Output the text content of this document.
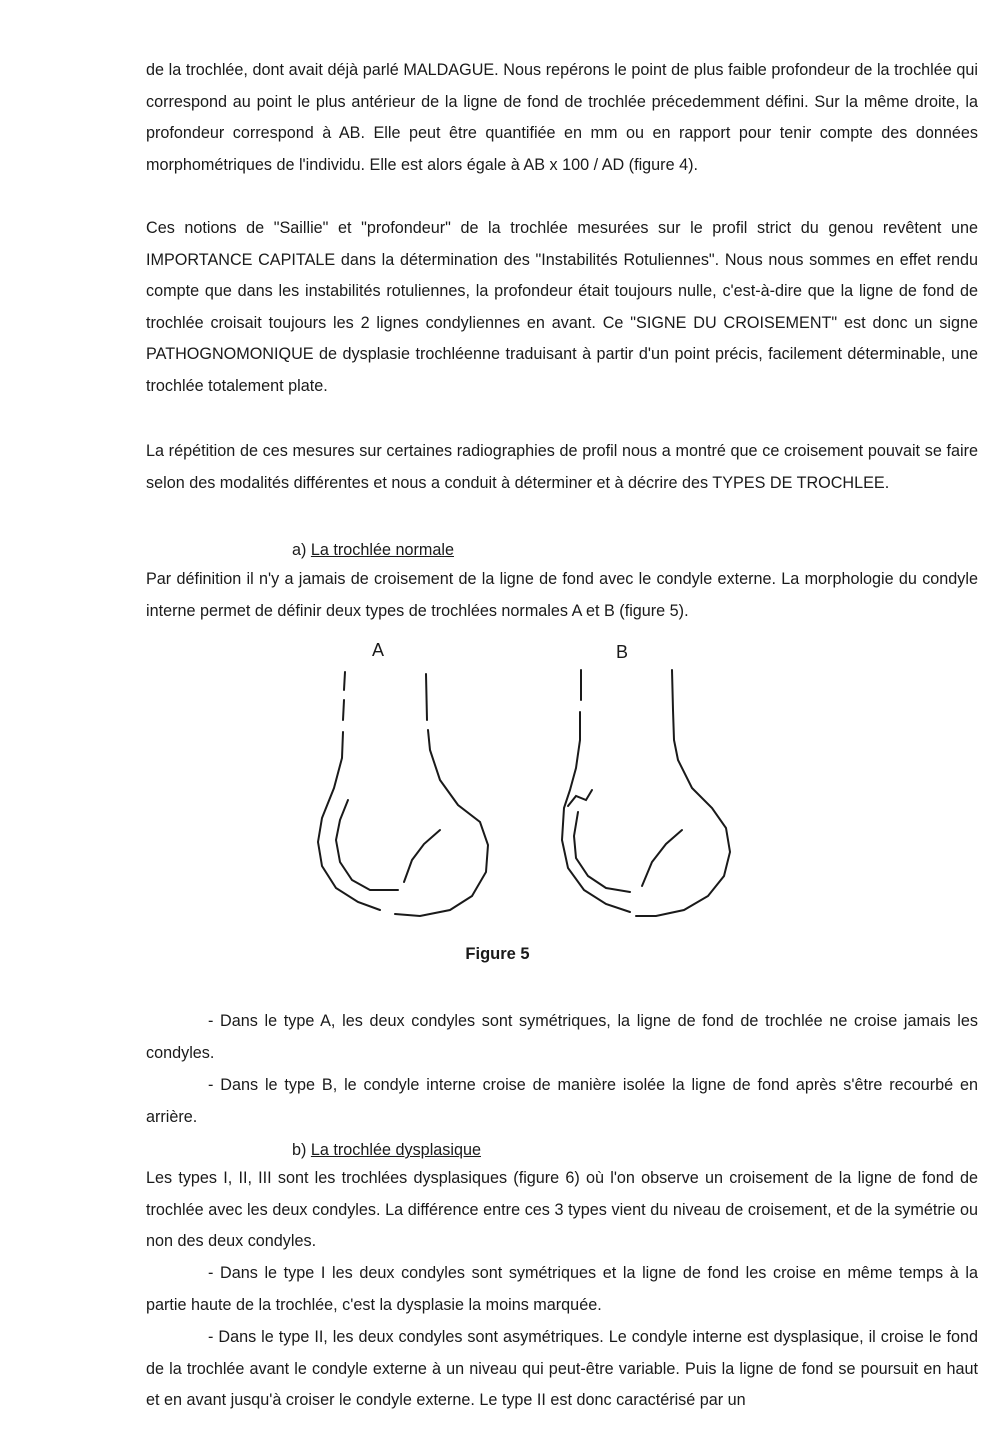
de la trochlée, dont avait déjà parlé MALDAGUE. Nous repérons le point de plus faible profondeur de la trochlée qui correspond au point le plus antérieur de la ligne de fond de trochlée précedemment défini. Sur la même droite, la profondeur correspond à AB. Elle peut être quantifiée en mm ou en rapport pour tenir compte des données morphométriques de l'individu. Elle est alors égale à AB x 100 / AD (figure 4).

Ces notions de "Saillie" et "profondeur" de la trochlée mesurées sur le profil strict du genou revêtent une IMPORTANCE CAPITALE dans la détermination des "Instabilités Rotuliennes". Nous nous sommes en effet rendu compte que dans les instabilités rotuliennes, la profondeur était toujours nulle, c'est-à-dire que la ligne de fond de trochlée croisait toujours les 2 lignes condyliennes en avant. Ce "SIGNE DU CROISEMENT" est donc un signe PATHOGNOMONIQUE de dysplasie trochléenne traduisant à partir d'un point précis, facilement déterminable, une trochlée totalement plate.

La répétition de ces mesures sur certaines radiographies de profil nous a montré que ce croisement pouvait se faire selon des modalités différentes et nous a conduit à déterminer et à décrire des TYPES DE TROCHLEE.

a) La trochlée normale

Par définition il n'y a jamais de croisement de la ligne de fond avec le condyle externe. La morphologie du condyle interne permet de définir deux types de trochlées normales A et B (figure 5).

A	B
Figure 5

- Dans le type A, les deux condyles sont symétriques, la ligne de fond de trochlée ne croise jamais les condyles.

- Dans le type B, le condyle interne croise de manière isolée la ligne de fond après s'être recourbé en arrière.

b) La trochlée dysplasique

Les types I, II, III sont les trochlées dysplasiques (figure 6) où l'on observe un croisement de la ligne de fond de trochlée avec les deux condyles. La différence entre ces 3 types vient du niveau de croisement, et de la symétrie ou non des deux condyles.

- Dans le type I les deux condyles sont symétriques et la ligne de fond les croise en même temps à la partie haute de la trochlée, c'est la dysplasie la moins marquée.

- Dans le type II, les deux condyles sont asymétriques. Le condyle interne est dysplasique, il croise le fond de la trochlée avant le condyle externe à un niveau qui peut-être variable. Puis la ligne de fond se poursuit en haut et en avant jusqu'à croiser le condyle externe. Le type II est donc caractérisé par un
